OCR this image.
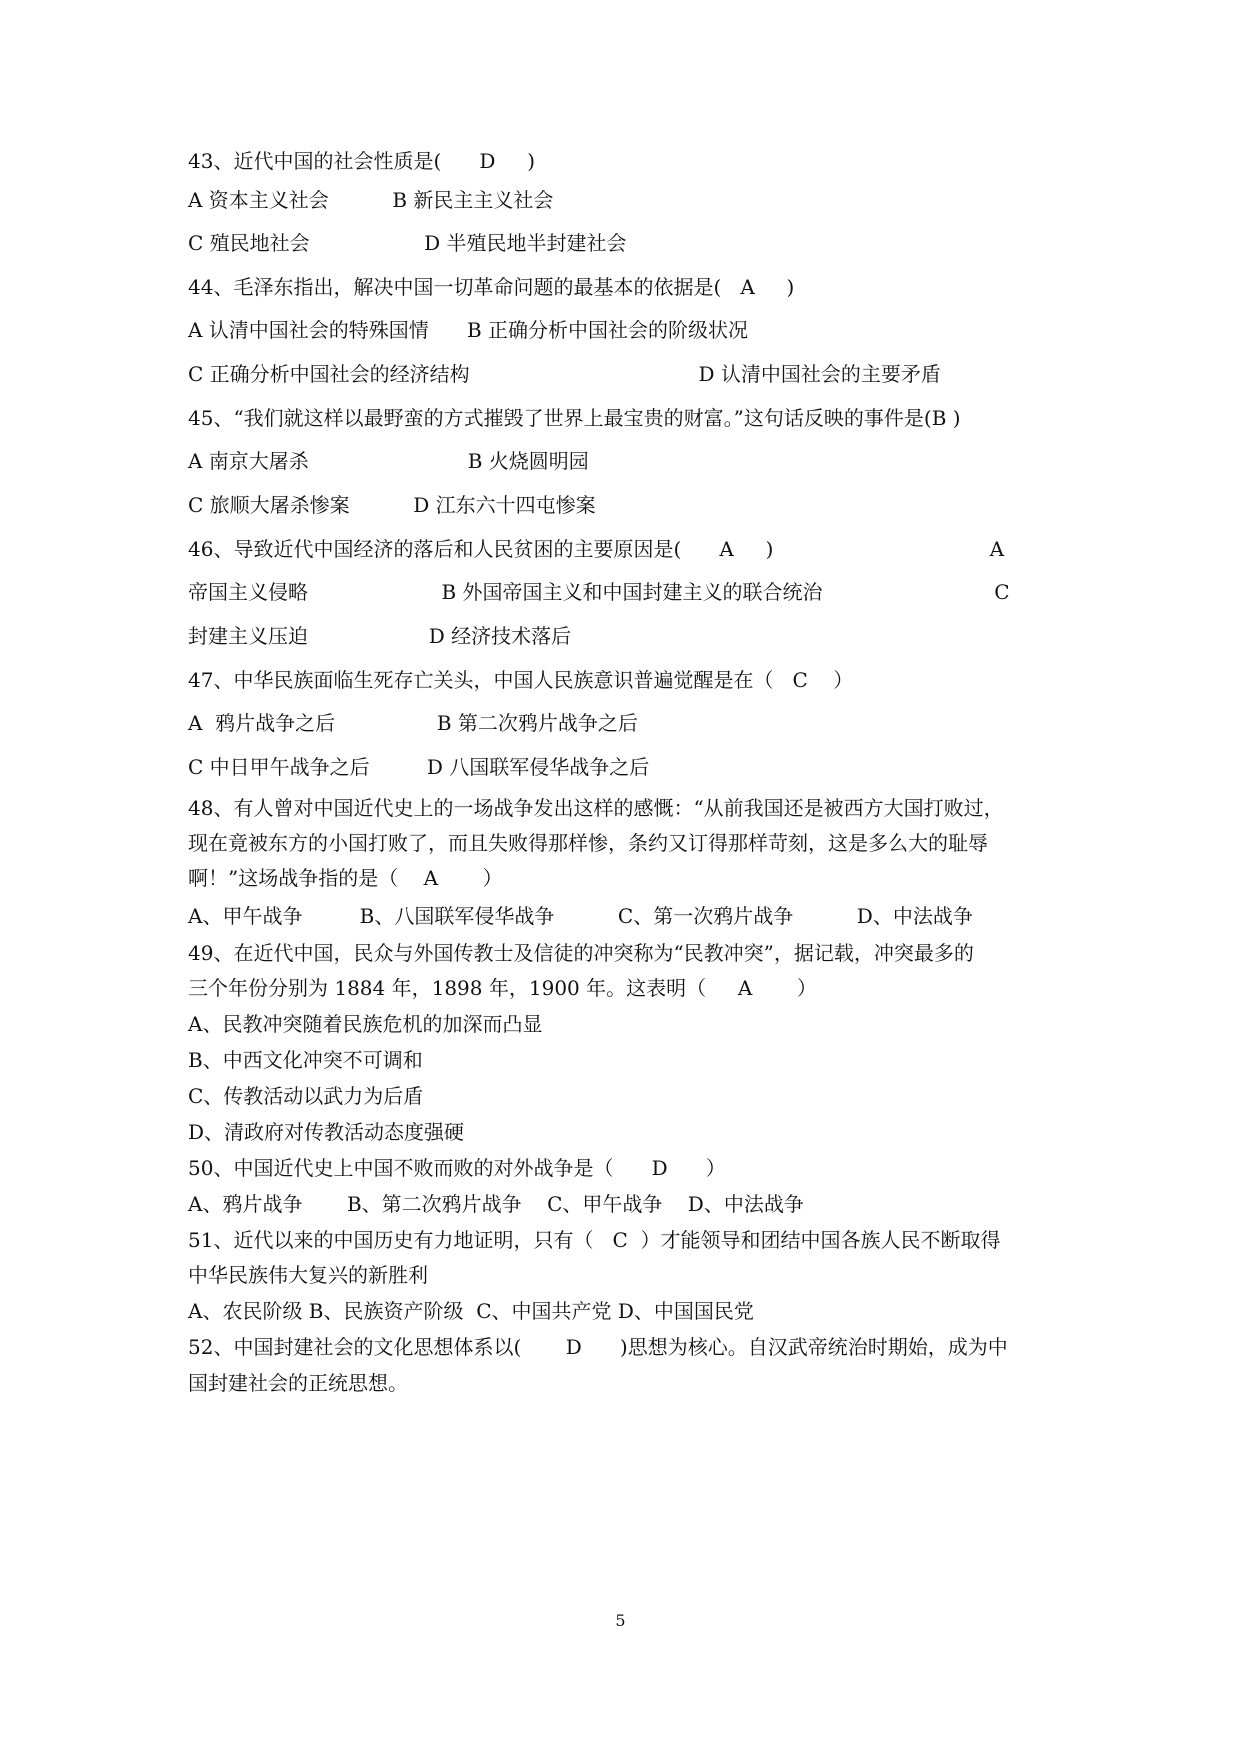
43、近代中国的社会性质是(      D     )
A 资本主义社会          B 新民主主义社会
C 殖民地社会                  D 半殖民地半封建社会
44、毛泽东指出，解决中国一切革命问题的最基本的依据是(   A     )
A 认清中国社会的特殊国情      B 正确分析中国社会的阶级状况
C 正确分析中国社会的经济结构                                    D 认清中国社会的主要矛盾
45、“我们就这样以最野蛮的方式摧毁了世界上最宝贵的财富。”这句话反映的事件是(B )
A 南京大屠杀                         B 火烧圆明园
C 旅顺大屠杀惨案          D 江东六十四屯惨案
46、导致近代中国经济的落后和人民贫困的主要原因是(      A     )                                  A
帝国主义侵略                     B 外国帝国主义和中国封建主义的联合统治                           C
封建主义压迫                   D 经济技术落后
47、中华民族面临生死存亡关头，中国人民族意识普遍觉醒是在（   C    ）
A  鸦片战争之后                B 第二次鸦片战争之后
C 中日甲午战争之后         D 八国联军侵华战争之后
48、有人曾对中国近代史上的一场战争发出这样的感慨：“从前我国还是被西方大国打败过，
现在竟被东方的小国打败了，而且失败得那样惨，条约又订得那样苛刻，这是多么大的耻辱
啊！”这场战争指的是（    A       ）
A、甲午战争         B、八国联军侵华战争          C、第一次鸦片战争          D、中法战争
49、在近代中国，民众与外国传教士及信徒的冲突称为“民教冲突”，据记载，冲突最多的
三个年份分别为 1884 年，1898 年，1900 年。这表明（     A       ）
A、民教冲突随着民族危机的加深而凸显
B、中西文化冲突不可调和
C、传教活动以武力为后盾
D、清政府对传教活动态度强硬
50、中国近代史上中国不败而败的对外战争是（      D      ）
A、鸦片战争       B、第二次鸦片战争    C、甲午战争    D、中法战争
51、近代以来的中国历史有力地证明，只有（   C  ）才能领导和团结中国各族人民不断取得
中华民族伟大复兴的新胜利
A、农民阶级 B、民族资产阶级  C、中国共产党 D、中国国民党
52、中国封建社会的文化思想体系以(       D      )思想为核心。自汉武帝统治时期始，成为中
国封建社会的正统思想。
5
